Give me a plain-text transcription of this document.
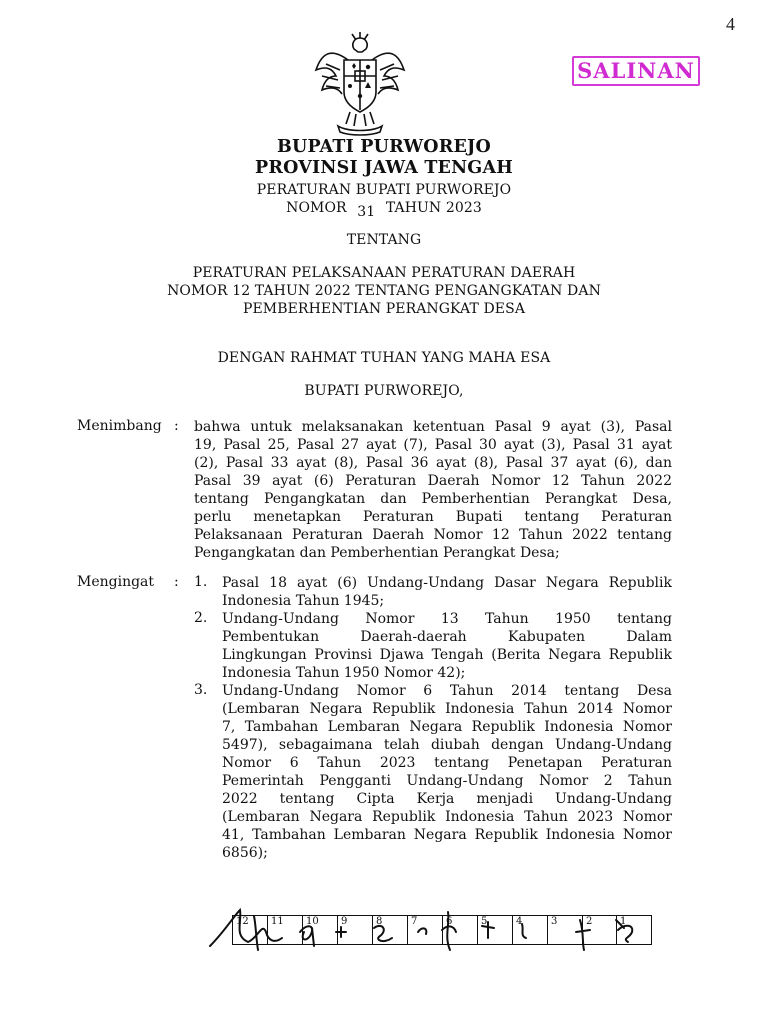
4
SALINAN
BUPATI PURWOREJO
PROVINSI JAWA TENGAH
PERATURAN BUPATI PURWOREJO
NOMOR 31 TAHUN 2023
TENTANG
PERATURAN PELAKSANAAN PERATURAN DAERAH
NOMOR 12 TAHUN 2022 TENTANG PENGANGKATAN DAN
PEMBERHENTIAN PERANGKAT DESA
DENGAN RAHMAT TUHAN YANG MAHA ESA
BUPATI PURWOREJO,
Menimbang : bahwa untuk melaksanakan ketentuan Pasal 9 ayat (3), Pasal
19, Pasal 25, Pasal 27 ayat (7), Pasal 30 ayat (3), Pasal 31 ayat
(2), Pasal 33 ayat (8), Pasal 36 ayat (8), Pasal 37 ayat (6), dan
Pasal 39 ayat (6) Peraturan Daerah Nomor 12 Tahun 2022
tentang Pengangkatan dan Pemberhentian Perangkat Desa,
perlu menetapkan Peraturan Bupati tentang Peraturan
Pelaksanaan Peraturan Daerah Nomor 12 Tahun 2022 tentang
Pengangkatan dan Pemberhentian Perangkat Desa;
Mengingat : 1. Pasal 18 ayat (6) Undang-Undang Dasar Negara Republik
Indonesia Tahun 1945;
2. Undang-Undang Nomor 13 Tahun 1950 tentang
Pembentukan Daerah-daerah Kabupaten Dalam
Lingkungan Provinsi Djawa Tengah (Berita Negara Republik
Indonesia Tahun 1950 Nomor 42);
3. Undang-Undang Nomor 6 Tahun 2014 tentang Desa
(Lembaran Negara Republik Indonesia Tahun 2014 Nomor
7, Tambahan Lembaran Negara Republik Indonesia Nomor
5497), sebagaimana telah diubah dengan Undang-Undang
Nomor 6 Tahun 2023 tentang Penetapan Peraturan
Pemerintah Pengganti Undang-Undang Nomor 2 Tahun
2022 tentang Cipta Kerja menjadi Undang-Undang
(Lembaran Negara Republik Indonesia Tahun 2023 Nomor
41, Tambahan Lembaran Negara Republik Indonesia Nomor
6856);
12	11	10	9	8	7	6	5	4	3	2	1
